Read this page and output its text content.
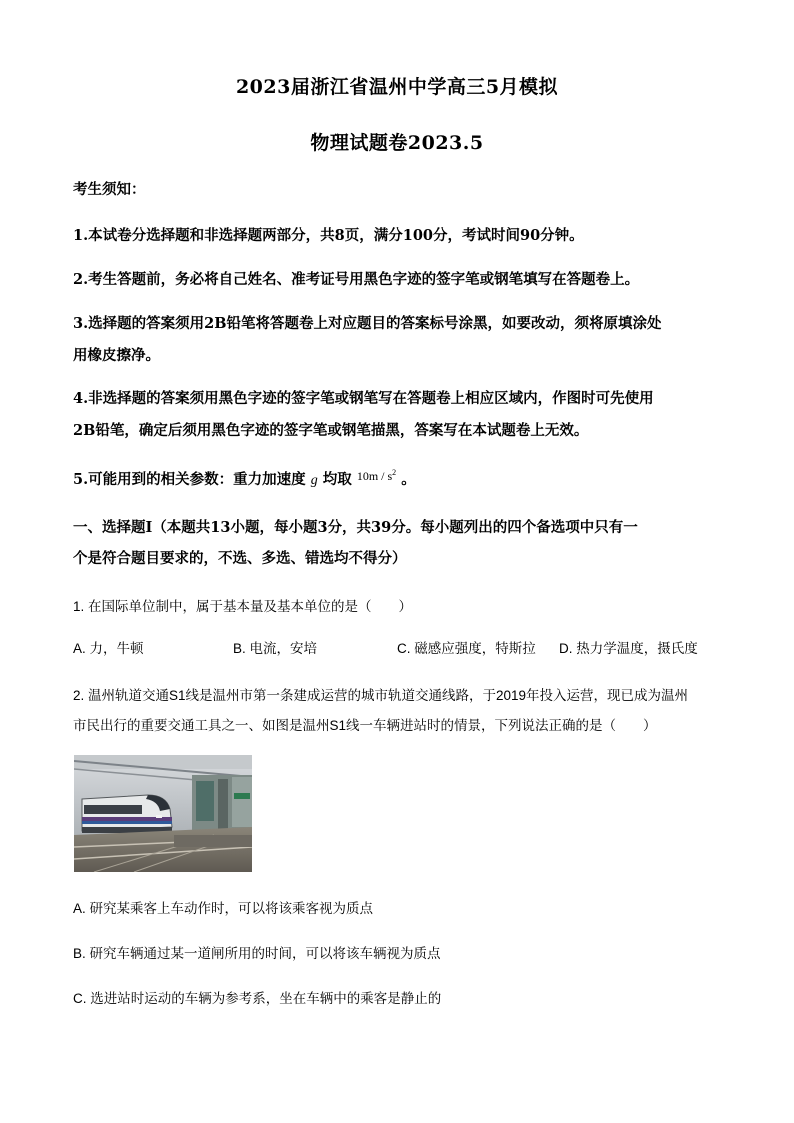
2023届浙江省温州中学高三5月模拟
物理试题卷2023.5
考生须知：
1.本试卷分选择题和非选择题两部分，共8页，满分100分，考试时间90分钟。
2.考生答题前，务必将自己姓名、准考证号用黑色字迹的签字笔或钢笔填写在答题卷上。
3.选择题的答案须用2B铅笔将答题卷上对应题目的答案标号涂黑，如要改动，须将原填涂处
用橡皮擦净。
4.非选择题的答案须用黑色字迹的签字笔或钢笔写在答题卷上相应区域内，作图时可先使用
2B铅笔，确定后须用黑色字迹的签字笔或钢笔描黑，答案写在本试题卷上无效。
5.可能用到的相关参数：重力加速度 g 均取 $^{10m / s^2}$ 。
一、选择题Ⅰ（本题共13小题，每小题3分，共39分。每小题列出的四个备选项中只有一
个是符合题目要求的，不选、多选、错选均不得分）
1. 在国际单位制中，属于基本量及基本单位的是（　　）
A. 力，牛顿	B. 电流，安培	C. 磁感应强度，特斯拉 D. 热力学温度，摄氏度
2. 温州轨道交通S1线是温州市第一条建成运营的城市轨道交通线路，于2019年投入运营，现已成为温州
市民出行的重要交通工具之一、如图是温州S1线一车辆进站时的情景，下列说法正确的是（　　）
A. 研究某乘客上车动作时，可以将该乘客视为质点
B. 研究车辆通过某一道闸所用的时间，可以将该车辆视为质点
C. 选进站时运动的车辆为参考系，坐在车辆中的乘客是静止的
